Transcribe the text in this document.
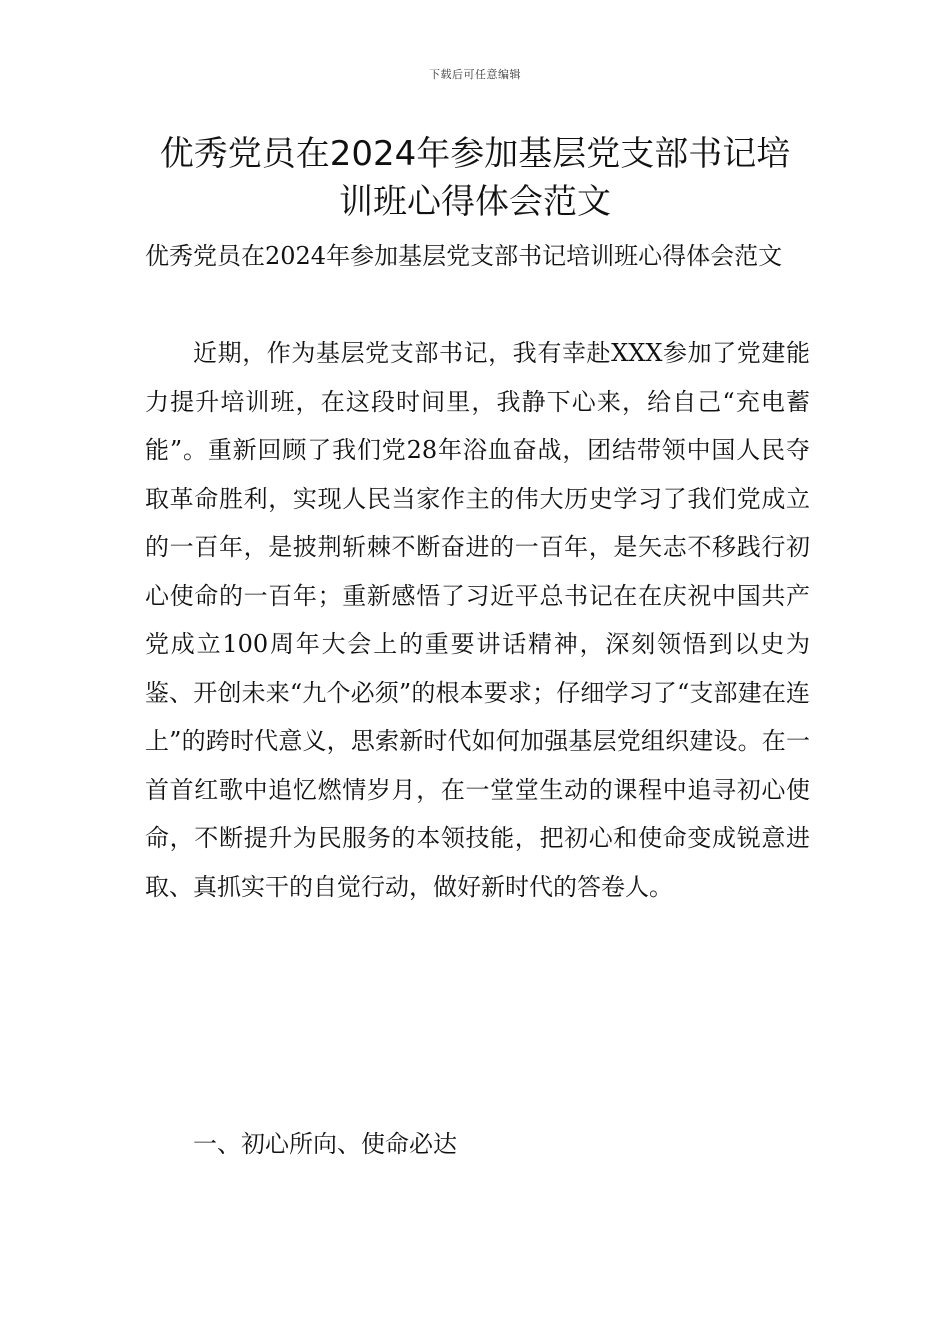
下载后可任意编辑
优秀党员在2024年参加基层党支部书记培
训班心得体会范文

优秀党员在2024年参加基层党支部书记培训班心得体会范文

近期，作为基层党支部书记，我有幸赴XXX参加了党建能力提升培训班，在这段时间里，我静下心来，给自己“充电蓄能”。重新回顾了我们党28年浴血奋战，团结带领中国人民夺取革命胜利，实现人民当家作主的伟大历史学习了我们党成立的一百年，是披荆斩棘不断奋进的一百年，是矢志不移践行初心使命的一百年；重新感悟了习近平总书记在在庆祝中国共产党成立100周年大会上的重要讲话精神，深刻领悟到以史为鉴、开创未来“九个必须”的根本要求；仔细学习了“支部建在连上”的跨时代意义，思索新时代如何加强基层党组织建设。在一首首红歌中追忆燃情岁月，在一堂堂生动的课程中追寻初心使命，不断提升为民服务的本领技能，把初心和使命变成锐意进取、真抓实干的自觉行动，做好新时代的答卷人。

一、初心所向、使命必达
